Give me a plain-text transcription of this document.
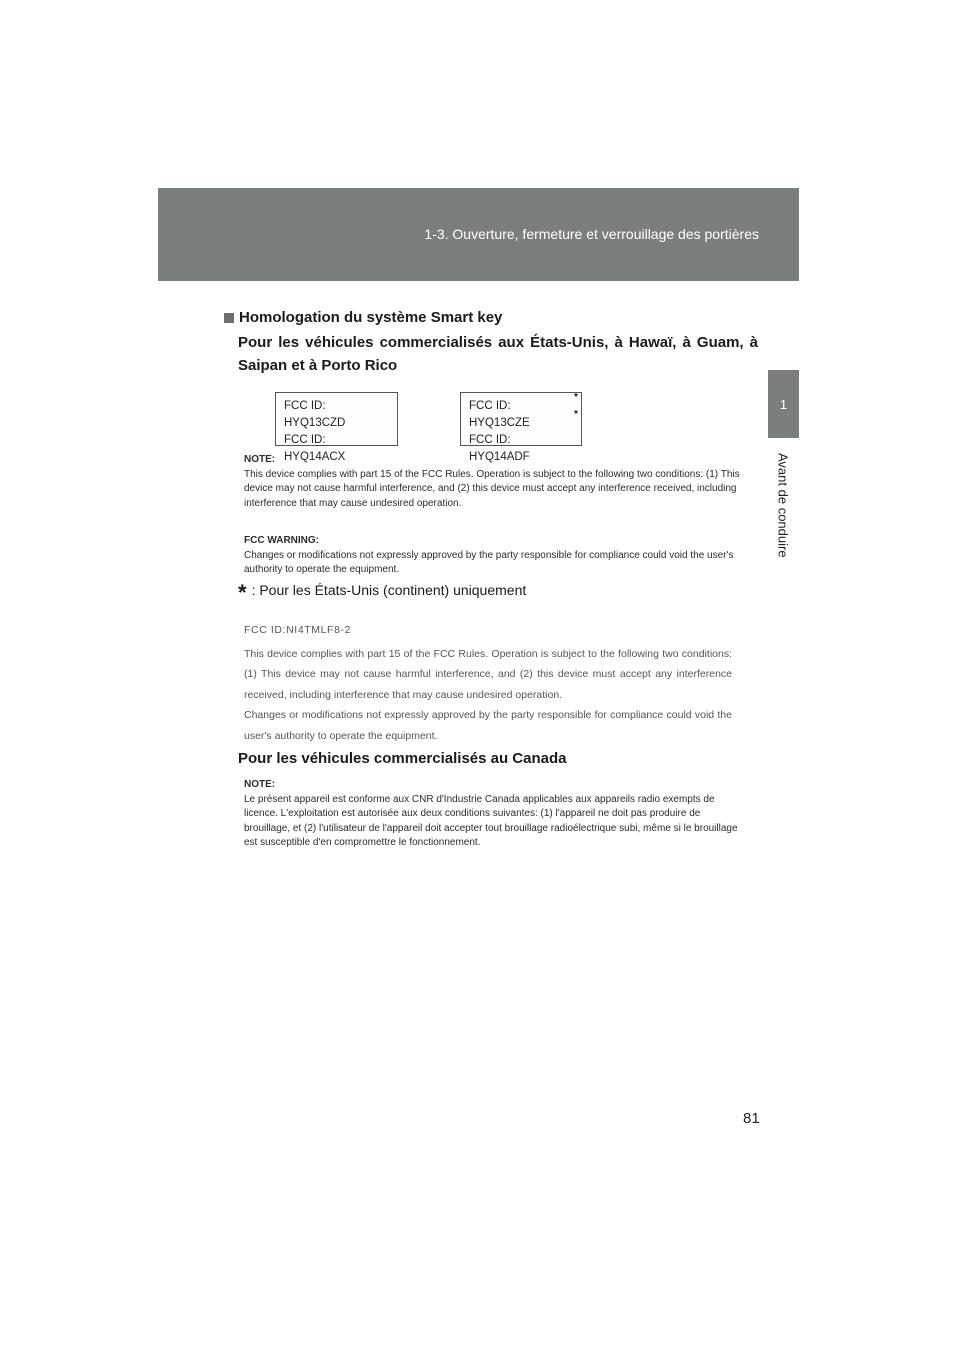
1-3. Ouverture, fermeture et verrouillage des portières
1
Avant de conduire
Homologation du système Smart key
Pour les véhicules commercialisés aux États-Unis, à Hawaï, à Guam, à Saipan et à Porto Rico
FCC ID: HYQ13CZD
FCC ID: HYQ14ACX
FCC ID: HYQ13CZE
FCC ID: HYQ14ADF
*
*
NOTE:
This device complies with part 15 of the FCC Rules. Operation is subject to the following two conditions: (1) This device may not cause harmful interference, and (2) this device must accept any interference received, including interference that may cause undesired operation.
FCC WARNING:
Changes or modifications not expressly approved by the party responsible for compliance could void the user's authority to operate the equipment.
* : Pour les États-Unis (continent) uniquement

FCC ID:NI4TMLF8-2

This device complies with part 15 of the FCC Rules. Operation is subject to the following two conditions: (1) This device may not cause harmful interference, and (2) this device must accept any interference received, including interference that may cause undesired operation.

Changes or modifications not expressly approved by the party responsible for compliance could void the user's authority to operate the equipment.

Pour les véhicules commercialisés au Canada
NOTE:
Le présent appareil est conforme aux CNR d'Industrie Canada applicables aux appareils radio exempts de licence. L'exploitation est autorisée aux deux conditions suivantes: (1) l'appareil ne doit pas produire de brouillage, et (2) l'utilisateur de l'appareil doit accepter tout brouillage radioélectrique subi, même si le brouillage est susceptible d'en compromettre le fonctionnement.
81
